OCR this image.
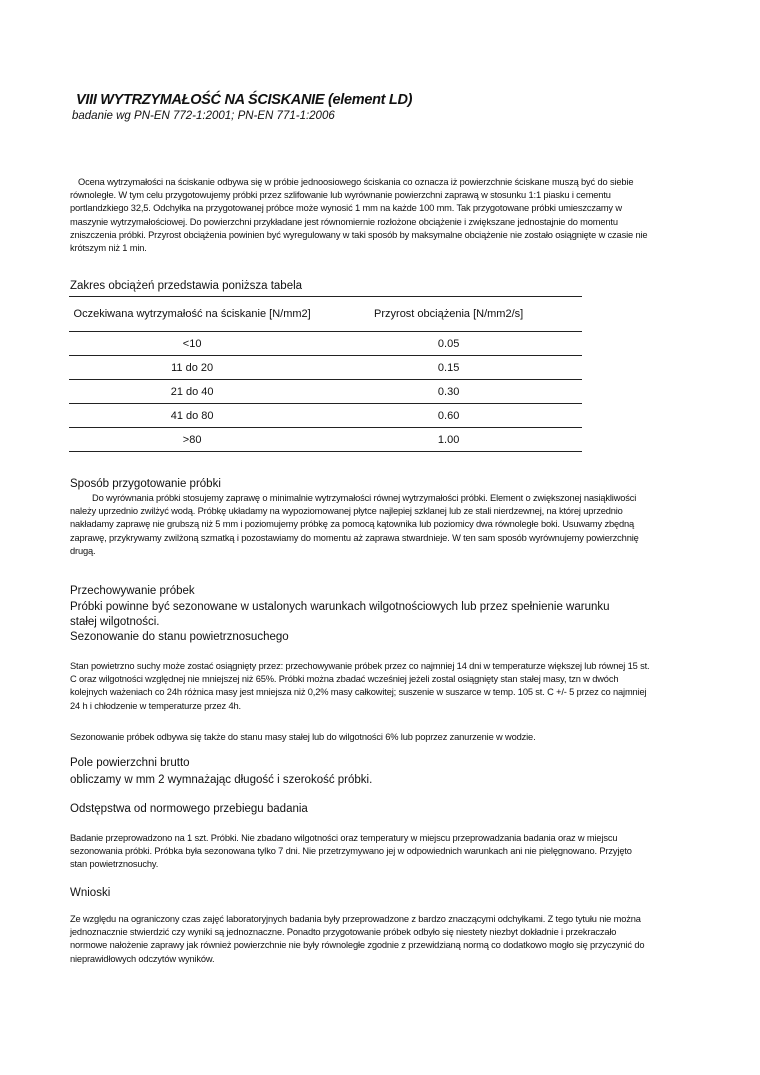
VIII WYTRZYMAŁOŚĆ NA ŚCISKANIE (element LD)
badanie wg PN-EN 772-1:2001; PN-EN 771-1:2006
Ocena wytrzymałości na ściskanie odbywa się w próbie jednoosiowego ściskania co oznacza iż powierzchnie ściskane muszą być do siebie równoległe. W tym celu przygotowujemy próbki przez szlifowanie lub wyrównanie powierzchni zaprawą w stosunku 1:1 piasku i cementu portlandzkiego 32,5. Odchyłka na przygotowanej próbce może wynosić 1 mm na każde 100 mm. Tak przygotowane próbki umieszczamy w maszynie wytrzymałościowej. Do powierzchni przykładane jest równomiernie rozłożone obciążenie i zwiększane jednostajnie do momentu zniszczenia próbki. Przyrost obciążenia powinien być wyregulowany w taki sposób by maksymalne obciążenie nie zostało osiągnięte w czasie nie krótszym niż 1 min.
Zakres obciążeń przedstawia poniższa tabela
Oczekiwana wytrzymałość na ściskanie [N/mm2]	Przyrost obciążenia [N/mm2/s]
<10	0.05
11 do 20	0.15
21 do 40	0.30
41 do 80	0.60
>80	1.00
Sposób przygotowanie próbki
Do wyrównania próbki stosujemy zaprawę o minimalnie wytrzymałości równej wytrzymałości próbki. Element o zwiększonej nasiąkliwości należy uprzednio zwilżyć wodą. Próbkę układamy na wypoziomowanej płytce najlepiej szklanej lub ze stali nierdzewnej, na której uprzednio nakładamy zaprawę nie grubszą niż 5 mm i poziomujemy próbkę za pomocą kątownika lub poziomicy dwa równoległe boki. Usuwamy zbędną zaprawę, przykrywamy zwilżoną szmatką i pozostawiamy do momentu aż zaprawa stwardnieje. W ten sam sposób wyrównujemy powierzchnię drugą.
Przechowywanie próbek
Próbki powinne być sezonowane w ustalonych warunkach wilgotnościowych lub przez spełnienie warunku stałej wilgotności.
Sezonowanie do stanu powietrznosuchego
Stan powietrzno suchy może zostać osiągnięty przez: przechowywanie próbek przez co najmniej 14 dni w temperaturze większej lub równej 15 st. C oraz wilgotności względnej nie mniejszej niż 65%. Próbki można zbadać wcześniej jeżeli zostal osiągnięty stan stałej masy, tzn w dwóch kolejnych ważeniach co 24h różnica masy jest mniejsza niż 0,2% masy całkowitej; suszenie w suszarce w temp. 105 st. C +/- 5 przez co najmniej 24 h i chłodzenie w temperaturze przez 4h.
Sezonowanie próbek odbywa się także do stanu masy stałej lub do wilgotności 6% lub poprzez zanurzenie w wodzie.
Pole powierzchni brutto
obliczamy w mm 2 wymnażając długość i szerokość próbki.
Odstępstwa od normowego przebiegu badania
Badanie przeprowadzono na 1 szt. Próbki. Nie zbadano wilgotności oraz temperatury w miejscu przeprowadzania badania oraz w miejscu sezonowania próbki. Próbka była sezonowana tylko 7 dni. Nie przetrzymywano jej w odpowiednich warunkach ani nie pielęgnowano. Przyjęto stan powietrznosuchy.
Wnioski
Ze względu na ograniczony czas zajęć laboratoryjnych badania były przeprowadzone z bardzo znaczącymi odchyłkami. Z tego tytułu nie można jednoznacznie stwierdzić czy wyniki są jednoznaczne. Ponadto przygotowanie próbek odbyło się niestety niezbyt dokładnie i przekraczało normowe nałożenie zaprawy jak również powierzchnie nie były równoległe zgodnie z przewidzianą normą co dodatkowo mogło się przyczynić do nieprawidłowych odczytów wyników.
